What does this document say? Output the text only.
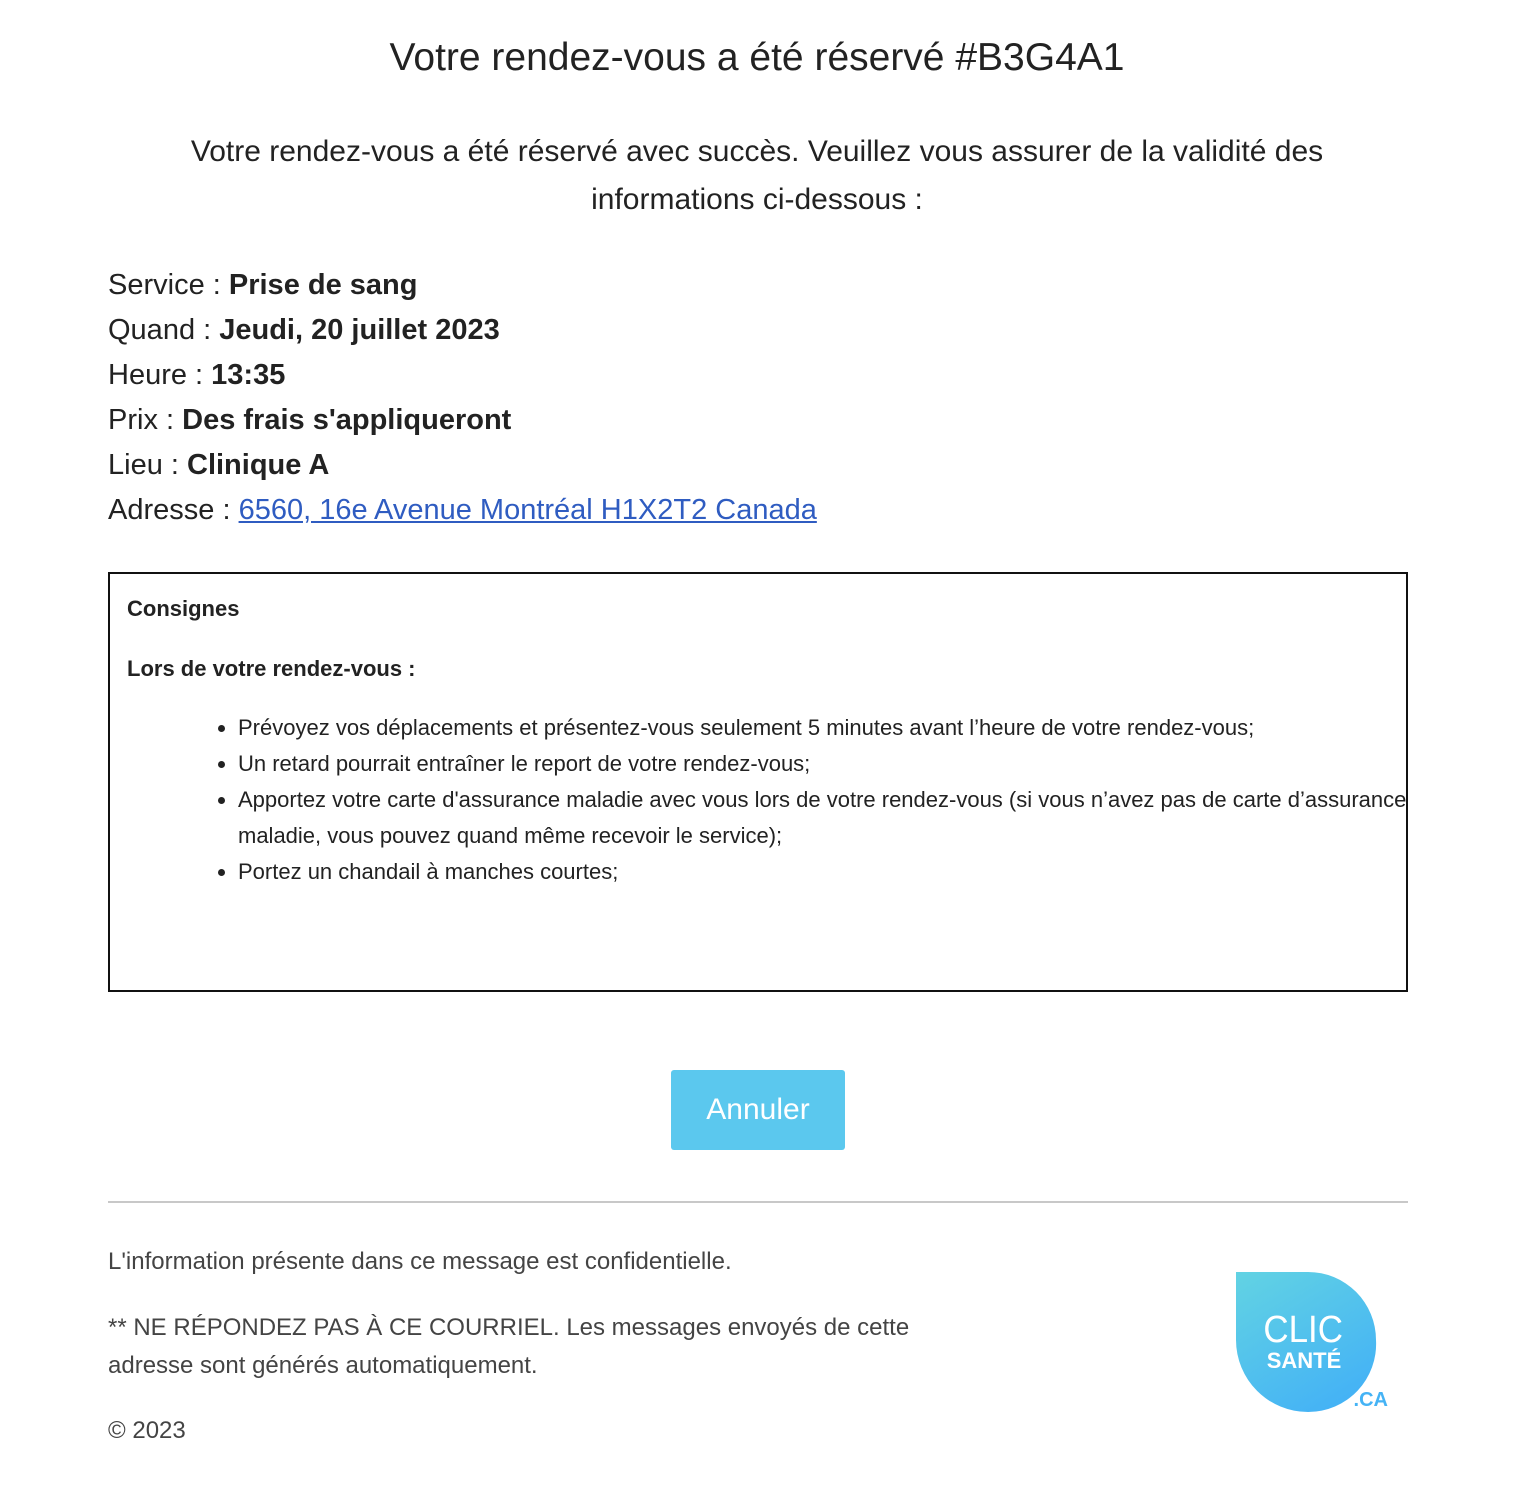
Votre rendez-vous a été réservé #B3G4A1

Votre rendez-vous a été réservé avec succès. Veuillez vous assurer de la validité des informations ci-dessous :

Service : Prise de sang
Quand : Jeudi, 20 juillet 2023
Heure : 13:35
Prix : Des frais s'appliqueront
Lieu : Clinique A
Adresse : 6560, 16e Avenue Montréal H1X2T2 Canada
Consignes
Lors de votre rendez-vous :
• Prévoyez vos déplacements et présentez-vous seulement 5 minutes avant l’heure de votre rendez-vous;
• Un retard pourrait entraîner le report de votre rendez-vous;
• Apportez votre carte d'assurance maladie avec vous lors de votre rendez-vous (si vous n’avez pas de carte d’assurance maladie, vous pouvez quand même recevoir le service);
• Portez un chandail à manches courtes;
Annuler

L'information présente dans ce message est confidentielle.

** NE RÉPONDEZ PAS À CE COURRIEL. Les messages envoyés de cette adresse sont générés automatiquement.

© 2023

CLIC
SANTÉ
.CA
